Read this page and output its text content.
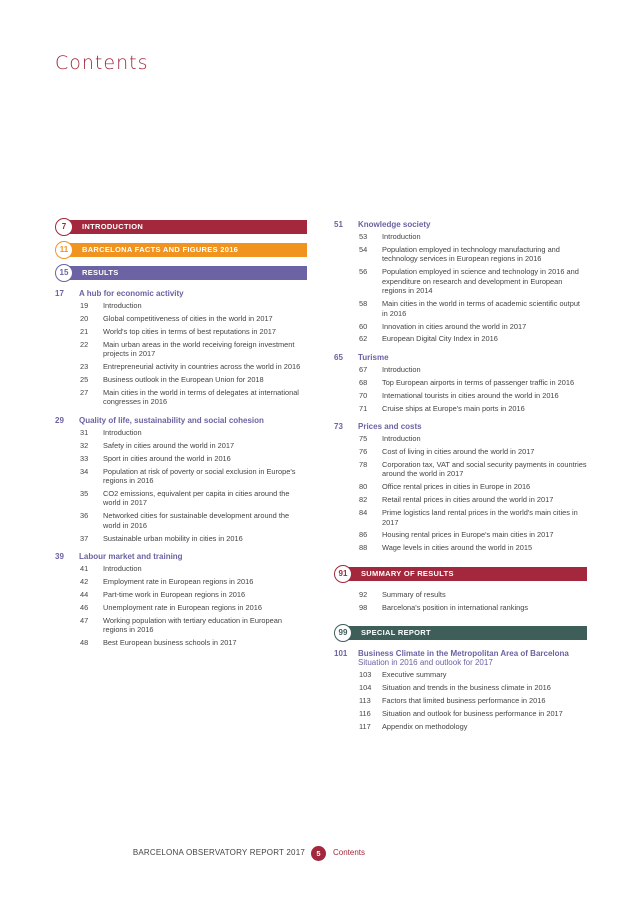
Contents
7	INTRODUCTION
11	BARCELONA FACTS AND FIGURES 2016
15	RESULTS
17	A hub for economic activity
19	Introduction
20	Global competitiveness of cities in the world in 2017
21	World's top cities in terms of best reputations in 2017
22	Main urban areas in the world receiving foreign investment projects in 2017
23	Entrepreneurial activity in countries across the world in 2016
25	Business outlook in the European Union for 2018
27	Main cities in the world in terms of delegates at international congresses in 2016
29	Quality of life, sustainability and social cohesion
31	Introduction
32	Safety in cities around the world in 2017
33	Sport in cities around the world in 2016
34	Population at risk of poverty or social exclusion in Europe's regions in 2016
35	CO2 emissions, equivalent per capita in cities around the world in 2017
36	Networked cities for sustainable development around the world in 2016
37	Sustainable urban mobility in cities in 2016
39	Labour market and training
41	Introduction
42	Employment rate in European regions in 2016
44	Part-time work in European regions in 2016
46	Unemployment rate in European regions in 2016
47	Working population with tertiary education in European regions in 2016
48	Best European business schools in 2017
51	Knowledge society
53	Introduction
54	Population employed in technology manufacturing and technology services in European regions in 2016
56	Population employed in science and technology in 2016 and expenditure on research and development in European regions in 2014
58	Main cities in the world in terms of academic scientific output in 2016
60	Innovation in cities around the world in 2017
62	European Digital City Index in 2016
65	Turisme
67	Introduction
68	Top European airports in terms of passenger traffic in 2016
70	International tourists in cities around the world in 2016
71	Cruise ships at Europe's main ports in 2016
73	Prices and costs
75	Introduction
76	Cost of living in cities around the world in 2017
78	Corporation tax, VAT and social security payments in countries around the world in 2017
80	Office rental prices in cities in Europe in 2016
82	Retail rental prices in cities around the world in 2017
84	Prime logistics land rental prices in the world's main cities in 2017
86	Housing rental prices in Europe's main cities in 2017
88	Wage levels in cities around the world in 2015
91	SUMMARY OF RESULTS
92	Summary of results
98	Barcelona's position in international rankings
99	SPECIAL REPORT
101	Business Climate in the Metropolitan Area of Barcelona
Situation in 2016 and outlook for 2017
103	Executive summary
104	Situation and trends in the business climate in 2016
113	Factors that limited business performance in 2016
116	Situation and outlook for business performance in 2017
117	Appendix on methodology
BARCELONA OBSERVATORY REPORT 2017	5	Contents
